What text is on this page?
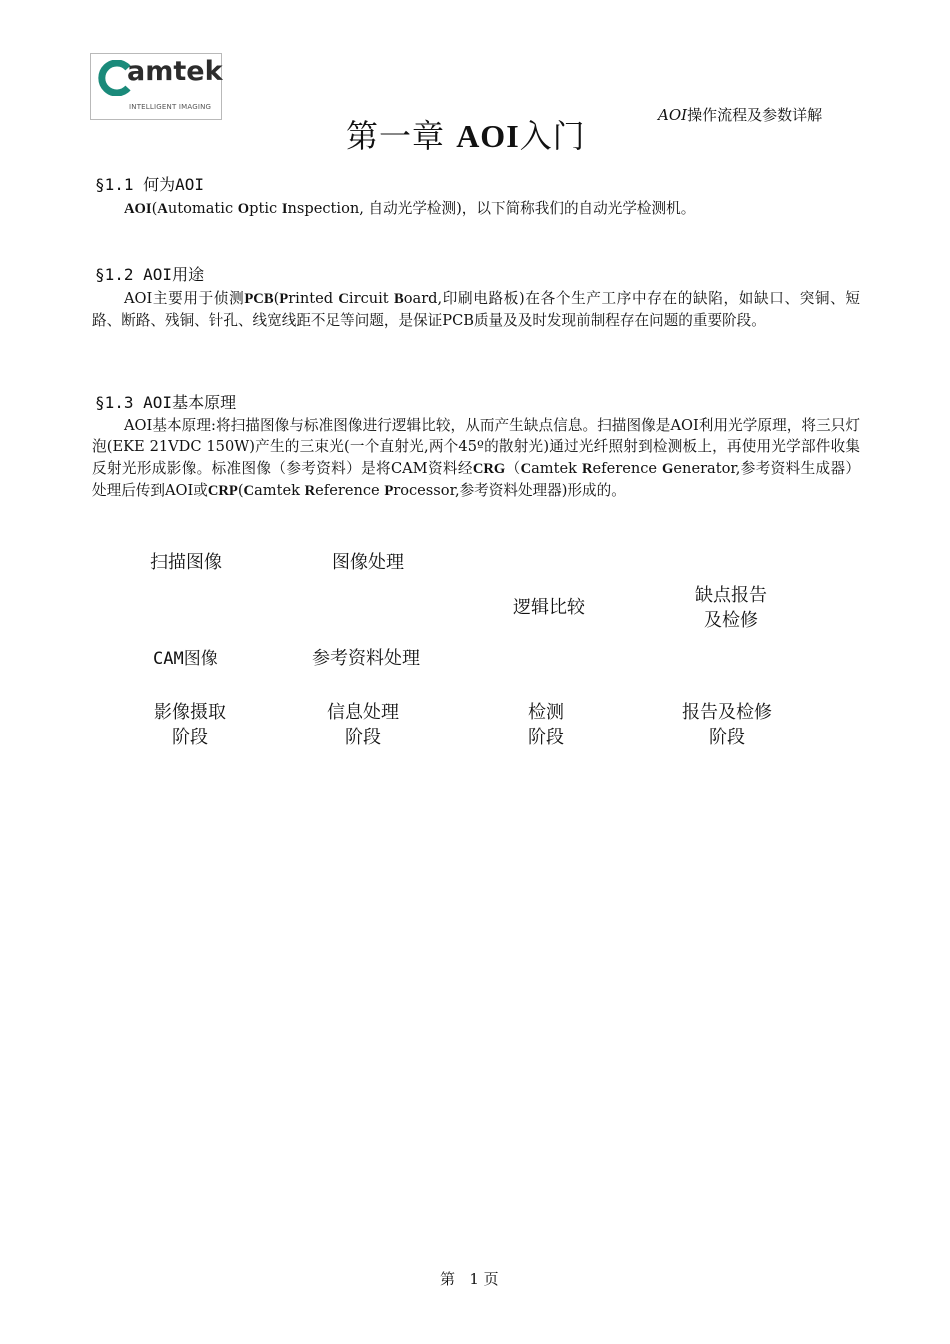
amtek
INTELLIGENT IMAGING	AOI操作流程及参数详解
第一章 AOI入门
§1.1 何为AOI

AOI(Automatic Optic Inspection, 自动光学检测)，以下简称我们的自动光学检测机。

§1.2 AOI用途

AOI主要用于侦测PCB(Printed Circuit Board,印刷电路板)在各个生产工序中存在的缺陷，如缺口、突铜、短路、断路、残铜、针孔、线宽线距不足等问题，是保证PCB质量及及时发现前制程存在问题的重要阶段。

§1.3 AOI基本原理

AOI基本原理:将扫描图像与标准图像进行逻辑比较，从而产生缺点信息。扫描图像是AOI利用光学原理，将三只灯泡(EKE 21VDC 150W)产生的三束光(一个直射光,两个45º的散射光)通过光纤照射到检测板上，再使用光学部件收集反射光形成影像。标准图像（参考资料）是将CAM资料经CRG（Camtek Reference Generator,参考资料生成器）处理后传到AOI或CRP(Camtek Reference Processor,参考资料处理器)形成的。

扫描图像	图像处理
逻辑比较
缺点报告
及检修
CAM图像	参考资料处理
影像摄取
阶段
信息处理
阶段
检测
阶段
报告及检修
阶段
第 1 页
